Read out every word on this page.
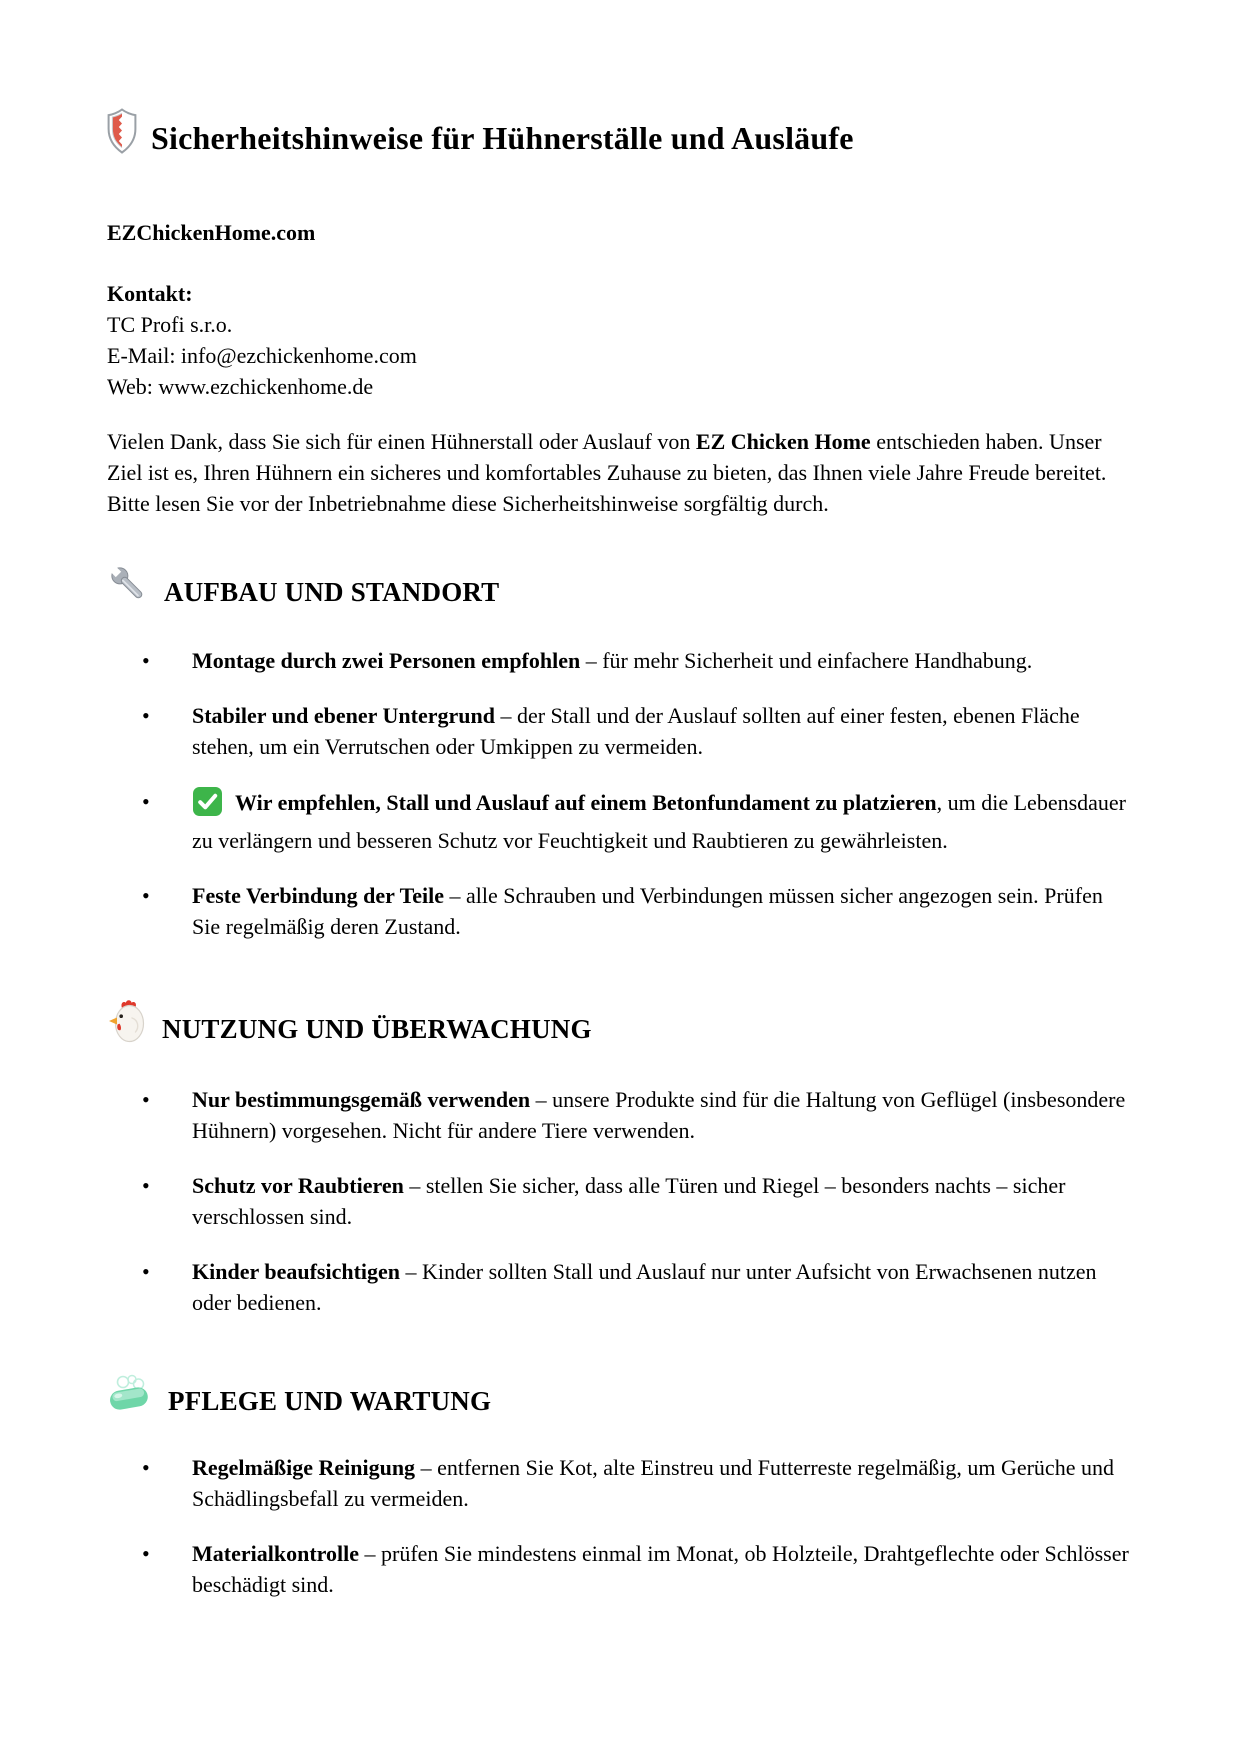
Sicherheitshinweise für Hühnerställe und Ausläufe
EZChickenHome.com
Kontakt:
TC Profi s.r.o.
E-Mail: info@ezchickenhome.com
Web: www.ezchickenhome.de
Vielen Dank, dass Sie sich für einen Hühnerstall oder Auslauf von EZ Chicken Home entschieden haben. Unser Ziel ist es, Ihren Hühnern ein sicheres und komfortables Zuhause zu bieten, das Ihnen viele Jahre Freude bereitet.
Bitte lesen Sie vor der Inbetriebnahme diese Sicherheitshinweise sorgfältig durch.
AUFBAU UND STANDORT
• Montage durch zwei Personen empfohlen – für mehr Sicherheit und einfachere Handhabung.
• Stabiler und ebener Untergrund – der Stall und der Auslauf sollten auf einer festen, ebenen Fläche stehen, um ein Verrutschen oder Umkippen zu vermeiden.
• Wir empfehlen, Stall und Auslauf auf einem Betonfundament zu platzieren, um die Lebensdauer zu verlängern und besseren Schutz vor Feuchtigkeit und Raubtieren zu gewährleisten.
• Feste Verbindung der Teile – alle Schrauben und Verbindungen müssen sicher angezogen sein. Prüfen Sie regelmäßig deren Zustand.
NUTZUNG UND ÜBERWACHUNG
• Nur bestimmungsgemäß verwenden – unsere Produkte sind für die Haltung von Geflügel (insbesondere Hühnern) vorgesehen. Nicht für andere Tiere verwenden.
• Schutz vor Raubtieren – stellen Sie sicher, dass alle Türen und Riegel – besonders nachts – sicher verschlossen sind.
• Kinder beaufsichtigen – Kinder sollten Stall und Auslauf nur unter Aufsicht von Erwachsenen nutzen oder bedienen.
PFLEGE UND WARTUNG
• Regelmäßige Reinigung – entfernen Sie Kot, alte Einstreu und Futterreste regelmäßig, um Gerüche und Schädlingsbefall zu vermeiden.
• Materialkontrolle – prüfen Sie mindestens einmal im Monat, ob Holzteile, Drahtgeflechte oder Schlösser beschädigt sind.
